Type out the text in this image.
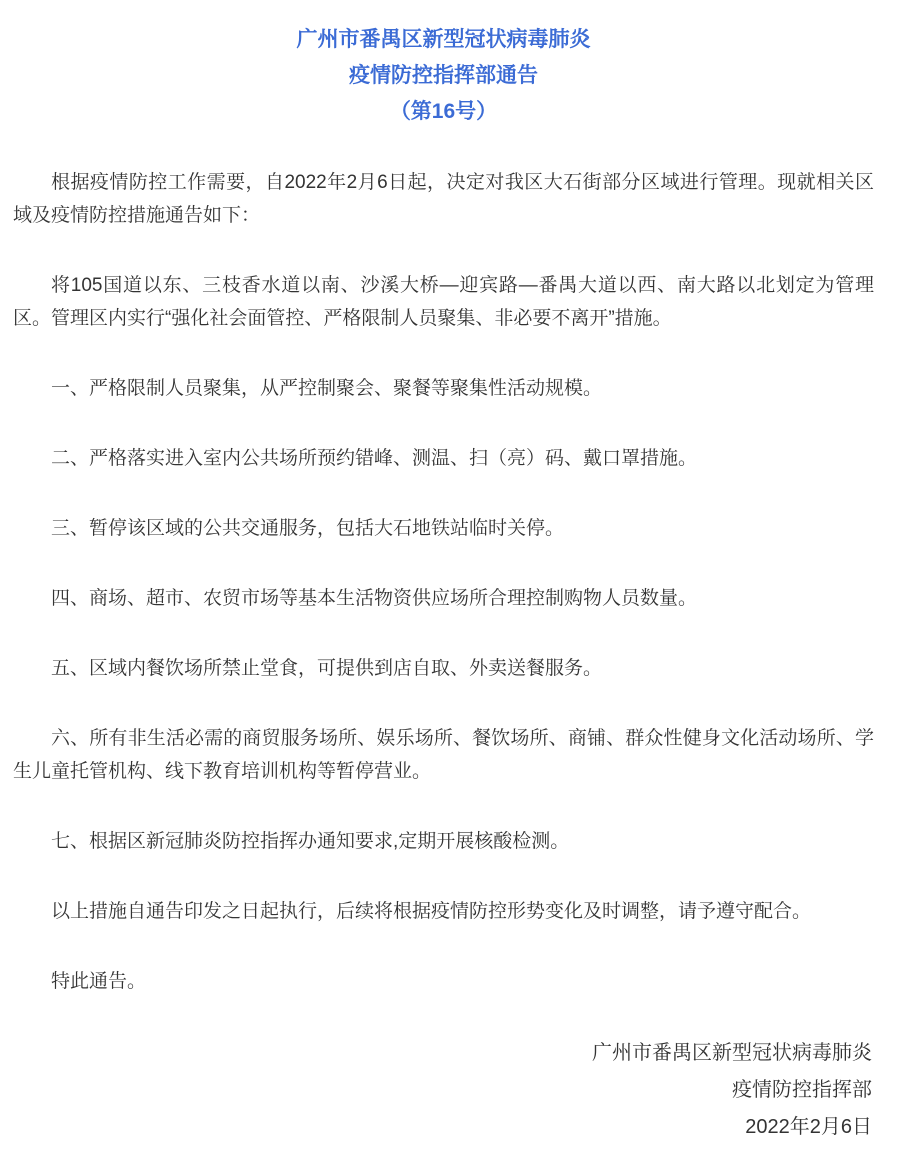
广州市番禺区新型冠状病毒肺炎
疫情防控指挥部通告
（第16号）

根据疫情防控工作需要，自2022年2月6日起，决定对我区大石街部分区域进行管理。现就相关区域及疫情防控措施通告如下：

将105国道以东、三枝香水道以南、沙溪大桥—迎宾路—番禺大道以西、南大路以北划定为管理区。管理区内实行“强化社会面管控、严格限制人员聚集、非必要不离开”措施。

一、严格限制人员聚集，从严控制聚会、聚餐等聚集性活动规模。

二、严格落实进入室内公共场所预约错峰、测温、扫（亮）码、戴口罩措施。

三、暂停该区域的公共交通服务，包括大石地铁站临时关停。

四、商场、超市、农贸市场等基本生活物资供应场所合理控制购物人员数量。

五、区域内餐饮场所禁止堂食，可提供到店自取、外卖送餐服务。

六、所有非生活必需的商贸服务场所、娱乐场所、餐饮场所、商铺、群众性健身文化活动场所、学生儿童托管机构、线下教育培训机构等暂停营业。

七、根据区新冠肺炎防控指挥办通知要求,定期开展核酸检测。

以上措施自通告印发之日起执行，后续将根据疫情防控形势变化及时调整，请予遵守配合。

特此通告。

广州市番禺区新型冠状病毒肺炎
疫情防控指挥部
2022年2月6日
